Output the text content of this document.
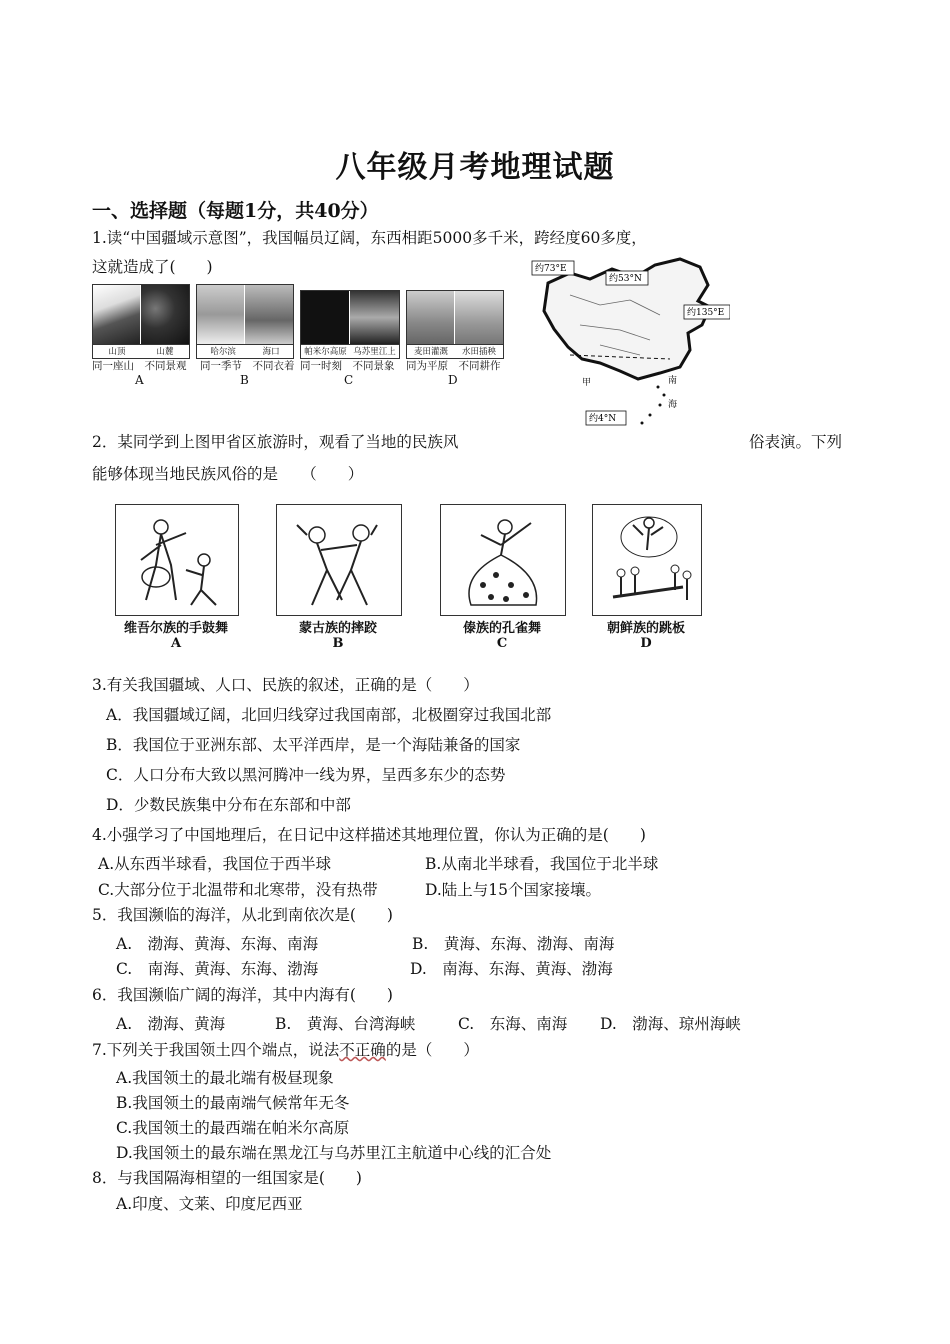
八年级月考地理试题
一、选择题（每题1分，共40分）
1.读“中国疆域示意图”，我国幅员辽阔，东西相距5000多千米，跨经度60多度，
这就造成了(　　)
山顶	山麓
同一座山　不同景观
A
哈尔滨	海口
同一季节　不同衣着
B
帕米尔高原 乌苏里江上
同一时刻　不同景象
C
麦田灌溉 水田插秧
同为平原　不同耕作
D
约73°E
约53°N
约135°E
约4°N
甲	南
海
2．某同学到上图甲省区旅游时，观看了当地的民族风	俗表演。下列
能够体现当地民族风俗的是　　（　　）
维吾尔族的手鼓舞
A
蒙古族的摔跤
B
傣族的孔雀舞
C
朝鲜族的跳板
D
3.有关我国疆域、人口、民族的叙述，正确的是（　　）
A．我国疆域辽阔，北回归线穿过我国南部，北极圈穿过我国北部
B．我国位于亚洲东部、太平洋西岸，是一个海陆兼备的国家
C．人口分布大致以黑河腾冲一线为界，呈西多东少的态势
D．少数民族集中分布在东部和中部
4.小强学习了中国地理后，在日记中这样描述其地理位置，你认为正确的是(　　)
A.从东西半球看，我国位于西半球	B.从南北半球看，我国位于北半球
C.大部分位于北温带和北寒带，没有热带	D.陆上与15个国家接壤。
5．我国濒临的海洋，从北到南依次是(　　)
A.　渤海、黄海、东海、南海	B.　黄海、东海、渤海、南海
C.　南海、黄海、东海、渤海	D.　南海、东海、黄海、渤海
6．我国濒临广阔的海洋，其中内海有(　　)
A.　渤海、黄海	B.　黄海、台湾海峡	C.　东海、南海 D.　渤海、琼州海峡
7.下列关于我国领土四个端点，说法不正确的是（　　）
A.我国领土的最北端有极昼现象
B.我国领土的最南端气候常年无冬
C.我国领土的最西端在帕米尔高原
D.我国领土的最东端在黑龙江与乌苏里江主航道中心线的汇合处
8．与我国隔海相望的一组国家是(　　)
A.印度、文莱、印度尼西亚
